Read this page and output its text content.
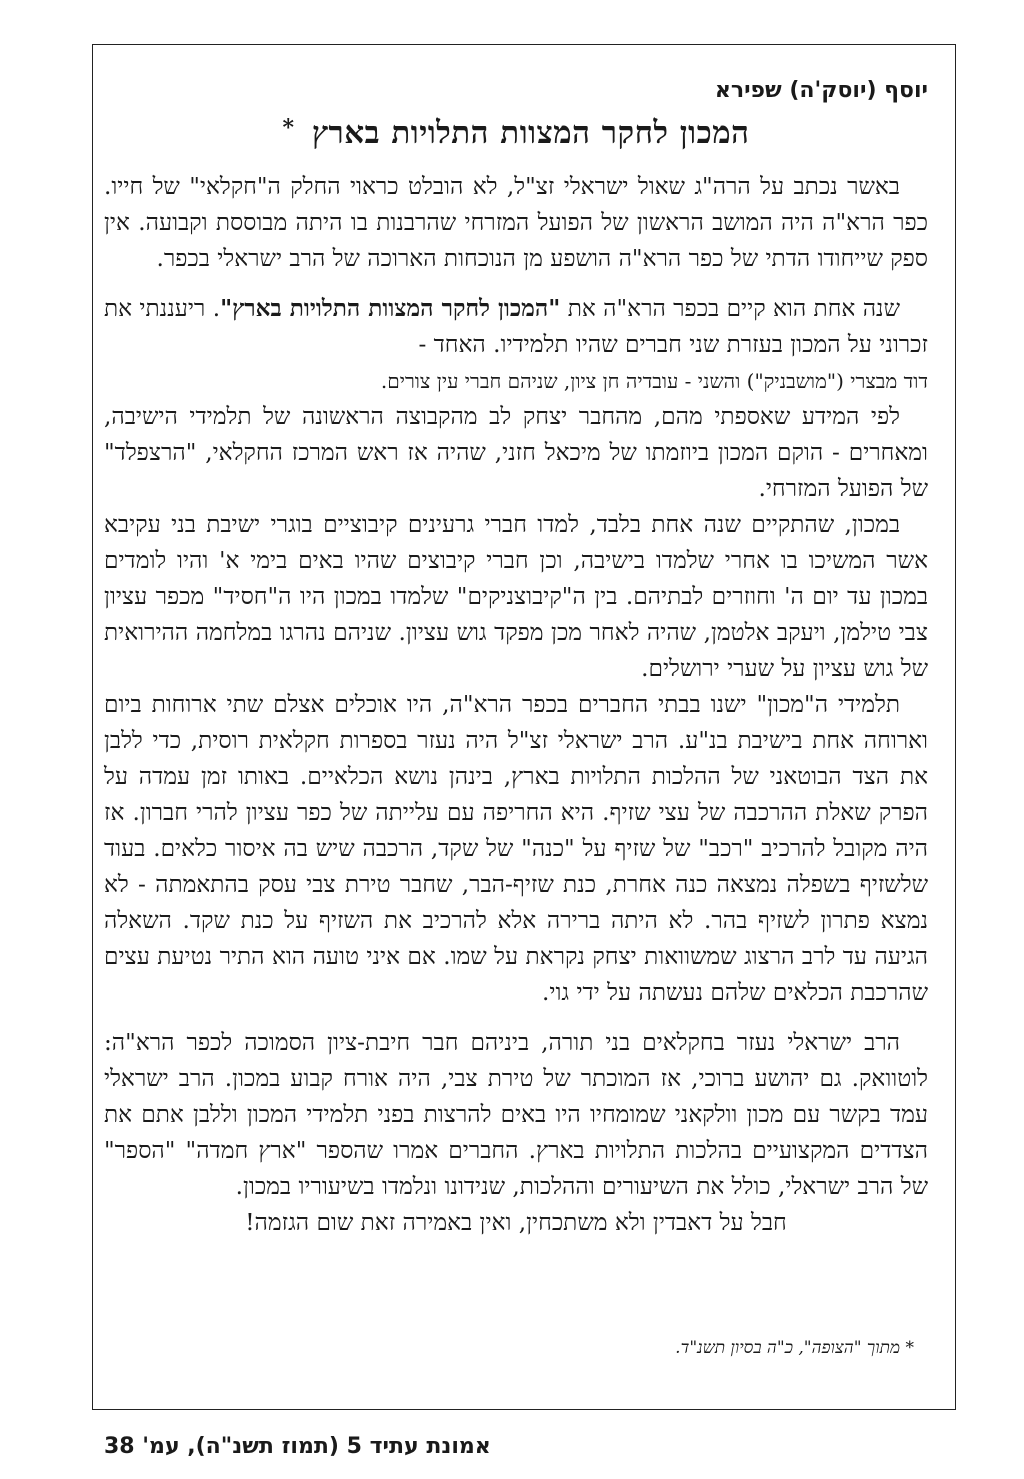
יוסף (יוסק'ה) שפירא
המכון לחקר המצוות התלויות בארץ *

באשר נכתב על הרה"ג שאול ישראלי זצ"ל, לא הובלט כראוי החלק ה"חקלאי" של חייו. כפר הרא"ה היה המושב הראשון של הפועל המזרחי שהרבנות בו היתה מבוססת וקבועה. אין ספק שייחודו הדתי של כפר הרא"ה הושפע מן הנוכחות הארוכה של הרב ישראלי בכפר.

שנה אחת הוא קיים בכפר הרא"ה את "המכון לחקר המצוות התלויות בארץ". ריעננתי את זכרוני על המכון בעזרת שני חברים שהיו תלמידיו. האחד -

דוד מבצרי ("מושבניק") והשני - עובדיה חן ציון, שניהם חברי עין צורים.

לפי המידע שאספתי מהם, מהחבר יצחק לב מהקבוצה הראשונה של תלמידי הישיבה, ומאחרים - הוקם המכון ביוזמתו של מיכאל חזני, שהיה אז ראש המרכז החקלאי, "הרצפלד" של הפועל המזרחי.

במכון, שהתקיים שנה אחת בלבד, למדו חברי גרעינים קיבוציים בוגרי ישיבת בני עקיבא אשר המשיכו בו אחרי שלמדו בישיבה, וכן חברי קיבוצים שהיו באים בימי א' והיו לומדים במכון עד יום ה' וחוזרים לבתיהם. בין ה"קיבוצניקים" שלמדו במכון היו ה"חסיד" מכפר עציון צבי טילמן, ויעקב אלטמן, שהיה לאחר מכן מפקד גוש עציון. שניהם נהרגו במלחמה ההירואית של גוש עציון על שערי ירושלים.

תלמידי ה"מכון" ישנו בבתי החברים בכפר הרא"ה, היו אוכלים אצלם שתי ארוחות ביום וארוחה אחת בישיבת בנ"ע. הרב ישראלי זצ"ל היה נעזר בספרות חקלאית רוסית, כדי ללבן את הצד הבוטאני של ההלכות התלויות בארץ, בינהן נושא הכלאיים. באותו זמן עמדה על הפרק שאלת ההרכבה של עצי שזיף. היא החריפה עם עלייתה של כפר עציון להרי חברון. אז היה מקובל להרכיב "רכב" של שזיף על "כנה" של שקד, הרכבה שיש בה איסור כלאים. בעוד שלשזיף בשפלה נמצאה כנה אחרת, כנת שזיף-הבר, שחבר טירת צבי עסק בהתאמתה - לא נמצא פתרון לשזיף בהר. לא היתה ברירה אלא להרכיב את השזיף על כנת שקד. השאלה הגיעה עד לרב הרצוג שמשוואות יצחק נקראת על שמו. אם איני טועה הוא התיר נטיעת עצים שהרכבת הכלאים שלהם נעשתה על ידי גוי.

הרב ישראלי נעזר בחקלאים בני תורה, ביניהם חבר חיבת-ציון הסמוכה לכפר הרא"ה: לוטוואק. גם יהושע ברוכי, אז המוכתר של טירת צבי, היה אורח קבוע במכון. הרב ישראלי עמד בקשר עם מכון וולקאני שמומחיו היו באים להרצות בפני תלמידי המכון וללבן אתם את הצדדים המקצועיים בהלכות התלויות בארץ. החברים אמרו שהספר "ארץ חמדה" "הספר" של הרב ישראלי, כולל את השיעורים וההלכות, שנידונו ונלמדו בשיעוריו במכון.

חבל על דאבדין ולא משתכחין, ואין באמירה זאת שום הגזמה!
* מתוך "הצופה", כ"ה בסיון תשנ"ד.
אמונת עתיד 5 (תמוז תשנ"ה), עמ' 38
